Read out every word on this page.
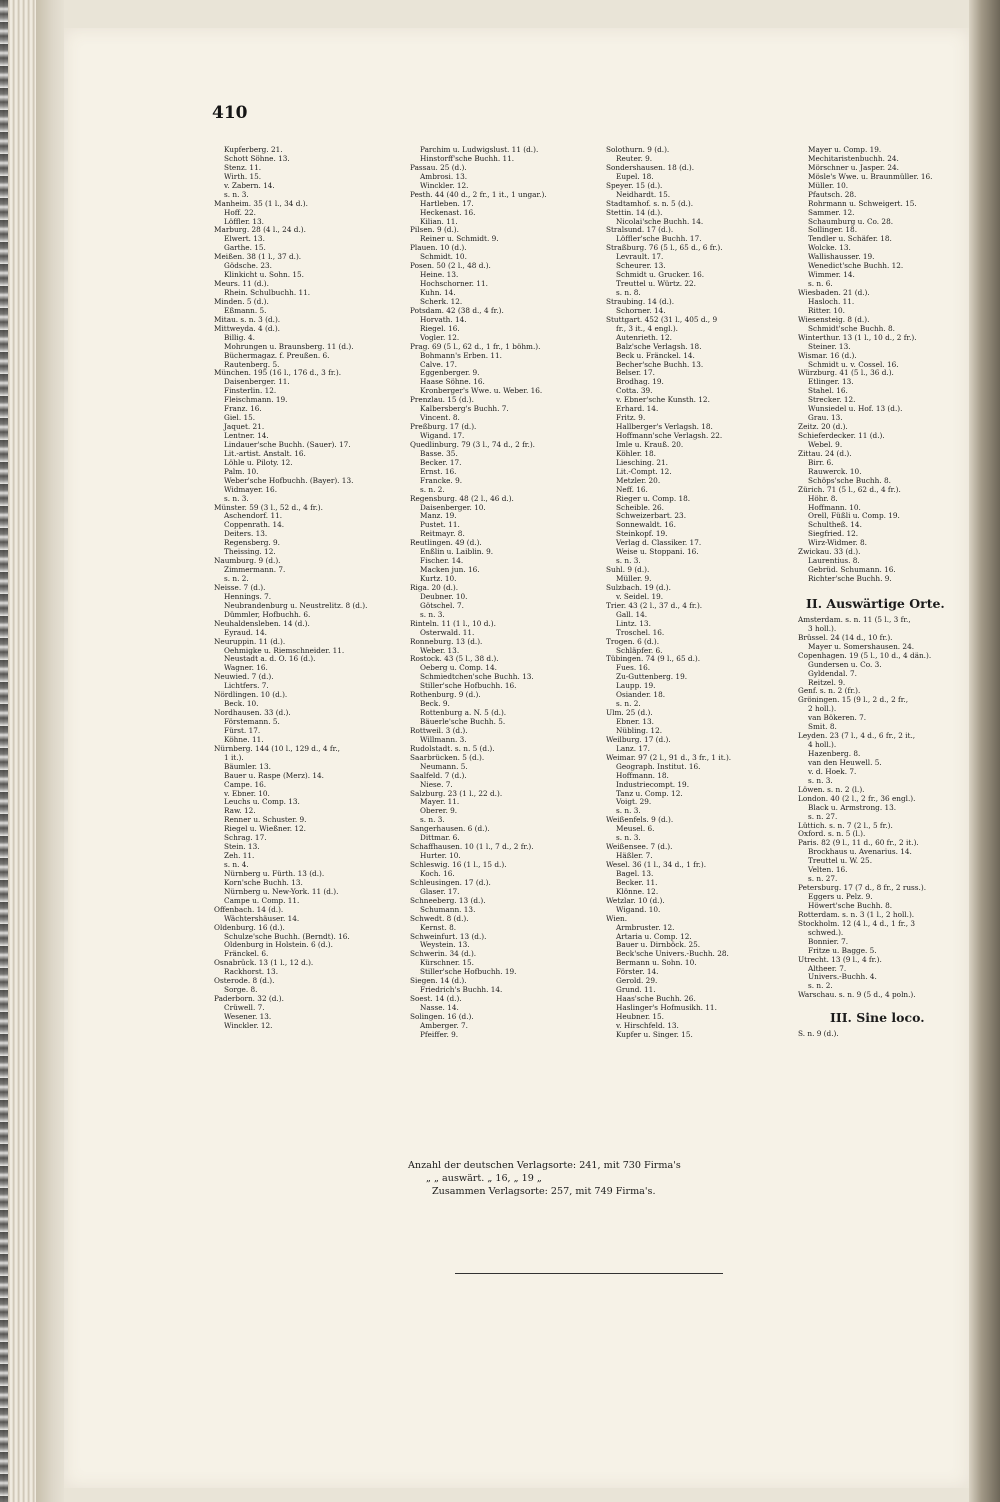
410
Kupferberg. 21.
Schott Söhne. 13.
Stenz. 11.
Wirth. 15.
v. Zabern. 14.
s. n. 3.
Manheim. 35 (1 l., 34 d.).
Hoff. 22.
Löffler. 13.
Marburg. 28 (4 l., 24 d.).
Elwert. 13.
Garthe. 15.
Meißen. 38 (1 l., 37 d.).
Gödsche. 23.
Klinkicht u. Sohn. 15.
Meurs. 11 (d.).
Rhein. Schulbuchh. 11.
Minden. 5 (d.).
Eßmann. 5.
Mitau. s. n. 3 (d.).
Mittweyda. 4 (d.).
Billig. 4.
Mohrungen u. Braunsberg. 11 (d.).
Büchermagaz. f. Preußen. 6.
Rautenberg. 5.
München. 195 (16 l., 176 d., 3 fr.).
Daisenberger. 11.
Finsterlin. 12.
Fleischmann. 19.
Franz. 16.
Giel. 15.
Jaquet. 21.
Lentner. 14.
Lindauer'sche Buchh. (Sauer). 17.
Lit.-artist. Anstalt. 16.
Löhle u. Piloty. 12.
Palm. 10.
Weber'sche Hofbuchh. (Bayer). 13.
Widmayer. 16.
s. n. 3.
Münster. 59 (3 l., 52 d., 4 fr.).
Aschendorf. 11.
Coppenrath. 14.
Deiters. 13.
Regensberg. 9.
Theissing. 12.
Naumburg. 9 (d.).
Zimmermann. 7.
s. n. 2.
Neisse. 7 (d.).
Hennings. 7.
Neubrandenburg u. Neustrelitz. 8 (d.).
Dümmler, Hofbuchh. 6.
Neuhaldensleben. 14 (d.).
Eyraud. 14.
Neuruppin. 11 (d.).
Oehmigke u. Riemschneider. 11.
Neustadt a. d. O. 16 (d.).
Wagner. 16.
Neuwied. 7 (d.).
Lichtfers. 7.
Nördlingen. 10 (d.).
Beck. 10.
Nordhausen. 33 (d.).
Förstemann. 5.
Fürst. 17.
Köhne. 11.
Nürnberg. 144 (10 l., 129 d., 4 fr.,
1 it.).
Bäumler. 13.
Bauer u. Raspe (Merz). 14.
Campe. 16.
v. Ebner. 10.
Leuchs u. Comp. 13.
Raw. 12.
Renner u. Schuster. 9.
Riegel u. Wießner. 12.
Schrag. 17.
Stein. 13.
Zeh. 11.
s. n. 4.
Nürnberg u. Fürth. 13 (d.).
Korn'sche Buchh. 13.
Nürnberg u. New-York. 11 (d.).
Campe u. Comp. 11.
Offenbach. 14 (d.).
Wächtershäuser. 14.
Oldenburg. 16 (d.).
Schulze'sche Buchh. (Berndt). 16.
Oldenburg in Holstein. 6 (d.).
Fränckel. 6.
Osnabrück. 13 (1 l., 12 d.).
Rackhorst. 13.
Osterode. 8 (d.).
Sorge. 8.
Paderborn. 32 (d.).
Crüwell. 7.
Wesener. 13.
Winckler. 12.
Parchim u. Ludwigslust. 11 (d.).
Hinstorff'sche Buchh. 11.
Passau. 25 (d.).
Ambrosi. 13.
Winckler. 12.
Pesth. 44 (40 d., 2 fr., 1 it., 1 ungar.).
Hartleben. 17.
Heckenast. 16.
Kilian. 11.
Pilsen. 9 (d.).
Reiner u. Schmidt. 9.
Plauen. 10 (d.).
Schmidt. 10.
Posen. 50 (2 l., 48 d.).
Heine. 13.
Hochschorner. 11.
Kuhn. 14.
Scherk. 12.
Potsdam. 42 (38 d., 4 fr.).
Horvath. 14.
Riegel. 16.
Vogler. 12.
Prag. 69 (5 l., 62 d., 1 fr., 1 böhm.).
Bohmann's Erben. 11.
Calve. 17.
Eggenberger. 9.
Haase Söhne. 16.
Kronberger's Wwe. u. Weber. 16.
Prenzlau. 15 (d.).
Kalbersberg's Buchh. 7.
Vincent. 8.
Preßburg. 17 (d.).
Wigand. 17.
Quedlinburg. 79 (3 l., 74 d., 2 fr.).
Basse. 35.
Becker. 17.
Ernst. 16.
Francke. 9.
s. n. 2.
Regensburg. 48 (2 l., 46 d.).
Daisenberger. 10.
Manz. 19.
Pustet. 11.
Reitmayr. 8.
Reutlingen. 49 (d.).
Enßlin u. Laiblin. 9.
Fischer. 14.
Macken jun. 16.
Kurtz. 10.
Riga. 20 (d.).
Deubner. 10.
Götschel. 7.
s. n. 3.
Rinteln. 11 (1 l., 10 d.).
Osterwald. 11.
Ronneburg. 13 (d.).
Weber. 13.
Rostock. 43 (5 l., 38 d.).
Oeberg u. Comp. 14.
Schmiedtchen'sche Buchh. 13.
Stiller'sche Hofbuchh. 16.
Rothenburg. 9 (d.).
Beck. 9.
Rottenburg a. N. 5 (d.).
Bäuerle'sche Buchh. 5.
Rottweil. 3 (d.).
Willmann. 3.
Rudolstadt. s. n. 5 (d.).
Saarbrücken. 5 (d.).
Neumann. 5.
Saalfeld. 7 (d.).
Niese. 7.
Salzburg. 23 (1 l., 22 d.).
Mayer. 11.
Oberer. 9.
s. n. 3.
Sangerhausen. 6 (d.).
Dittmar. 6.
Schaffhausen. 10 (1 l., 7 d., 2 fr.).
Hurter. 10.
Schleswig. 16 (1 l., 15 d.).
Koch. 16.
Schleusingen. 17 (d.).
Glaser. 17.
Schneeberg. 13 (d.).
Schumann. 13.
Schwedt. 8 (d.).
Kernst. 8.
Schweinfurt. 13 (d.).
Weystein. 13.
Schwerin. 34 (d.).
Kürschner. 15.
Stiller'sche Hofbuchh. 19.
Siegen. 14 (d.).
Friedrich's Buchh. 14.
Soest. 14 (d.).
Nasse. 14.
Solingen. 16 (d.).
Amberger. 7.
Pfeiffer. 9.
Solothurn. 9 (d.).
Reuter. 9.
Sondershausen. 18 (d.).
Eupel. 18.
Speyer. 15 (d.).
Neidhardt. 15.
Stadtamhof. s. n. 5 (d.).
Stettin. 14 (d.).
Nicolai'sche Buchh. 14.
Stralsund. 17 (d.).
Löffler'sche Buchh. 17.
Straßburg. 76 (5 l., 65 d., 6 fr.).
Levrault. 17.
Scheurer. 13.
Schmidt u. Grucker. 16.
Treuttel u. Würtz. 22.
s. n. 8.
Straubing. 14 (d.).
Schorner. 14.
Stuttgart. 452 (31 l., 405 d., 9
fr., 3 it., 4 engl.).
Autenrieth. 12.
Balz'sche Verlagsh. 18.
Beck u. Fränckel. 14.
Becher'sche Buchh. 13.
Belser. 17.
Brodhag. 19.
Cotta. 39.
v. Ebner'sche Kunsth. 12.
Erhard. 14.
Fritz. 9.
Hallberger's Verlagsh. 18.
Hoffmann'sche Verlagsh. 22.
Imle u. Krauß. 20.
Köhler. 18.
Liesching. 21.
Lit.-Compt. 12.
Metzler. 20.
Neff. 16.
Rieger u. Comp. 18.
Scheible. 26.
Schweizerbart. 23.
Sonnewaldt. 16.
Steinkopf. 19.
Verlag d. Classiker. 17.
Weise u. Stoppani. 16.
s. n. 3.
Suhl. 9 (d.).
Müller. 9.
Sulzbach. 19 (d.).
v. Seidel. 19.
Trier. 43 (2 l., 37 d., 4 fr.).
Gall. 14.
Lintz. 13.
Troschel. 16.
Trogen. 6 (d.).
Schläpfer. 6.
Tübingen. 74 (9 l., 65 d.).
Fues. 16.
Zu-Guttenberg. 19.
Laupp. 19.
Osiander. 18.
s. n. 2.
Ulm. 25 (d.).
Ebner. 13.
Nübling. 12.
Weilburg. 17 (d.).
Lanz. 17.
Weimar. 97 (2 l., 91 d., 3 fr., 1 it.).
Geograph. Institut. 16.
Hoffmann. 18.
Industriecompt. 19.
Tanz u. Comp. 12.
Voigt. 29.
s. n. 3.
Weißenfels. 9 (d.).
Meusel. 6.
s. n. 3.
Weißensee. 7 (d.).
Häßler. 7.
Wesel. 36 (1 l., 34 d., 1 fr.).
Bagel. 13.
Becker. 11.
Klönne. 12.
Wetzlar. 10 (d.).
Wigand. 10.
Wien.
Armbruster. 12.
Artaria u. Comp. 12.
Bauer u. Dirnböck. 25.
Beck'sche Univers.-Buchh. 28.
Bermann u. Sohn. 10.
Förster. 14.
Gerold. 29.
Grund. 11.
Haas'sche Buchh. 26.
Haslinger's Hofmusikh. 11.
Heubner. 15.
v. Hirschfeld. 13.
Kupfer u. Singer. 15.
Mayer u. Comp. 19.
Mechitaristenbuchh. 24.
Mörschner u. Jasper. 24.
Mösle's Wwe. u. Braunmüller. 16.
Müller. 10.
Pfautsch. 28.
Rohrmann u. Schweigert. 15.
Sammer. 12.
Schaumburg u. Co. 28.
Sollinger. 18.
Tendler u. Schäfer. 18.
Wolcke. 13.
Wallishausser. 19.
Wenedict'sche Buchh. 12.
Wimmer. 14.
s. n. 6.
Wiesbaden. 21 (d.).
Hasloch. 11.
Ritter. 10.
Wiesensteig. 8 (d.).
Schmidt'sche Buchh. 8.
Winterthur. 13 (1 l., 10 d., 2 fr.).
Steiner. 13.
Wismar. 16 (d.).
Schmidt u. v. Cossel. 16.
Würzburg. 41 (5 l., 36 d.).
Etlinger. 13.
Stahel. 16.
Strecker. 12.
Wunsiedel u. Hof. 13 (d.).
Grau. 13.
Zeitz. 20 (d.).
Schieferdecker. 11 (d.).
Webel. 9.
Zittau. 24 (d.).
Birr. 6.
Rauwerck. 10.
Schöps'sche Buchh. 8.
Zürich. 71 (5 l., 62 d., 4 fr.).
Höhr. 8.
Hoffmann. 10.
Orell, Füßli u. Comp. 19.
Schultheß. 14.
Siegfried. 12.
Wirz-Widmer. 8.
Zwickau. 33 (d.).
Laurentius. 8.
Gebrüd. Schumann. 16.
Richter'sche Buchh. 9.
II. Auswärtige Orte.
Amsterdam. s. n. 11 (5 l., 3 fr.,
3 holl.).
Brüssel. 24 (14 d., 10 fr.).
Mayer u. Somershausen. 24.
Copenhagen. 19 (5 l., 10 d., 4 dän.).
Gundersen u. Co. 3.
Gyldendal. 7.
Reitzel. 9.
Genf. s. n. 2 (fr.).
Gröningen. 15 (9 l., 2 d., 2 fr.,
2 holl.).
van Bökeren. 7.
Smit. 8.
Leyden. 23 (7 l., 4 d., 6 fr., 2 it.,
4 holl.).
Hazenberg. 8.
van den Heuwell. 5.
v. d. Hoek. 7.
s. n. 3.
Löwen. s. n. 2 (l.).
London. 40 (2 l., 2 fr., 36 engl.).
Black u. Armstrong. 13.
s. n. 27.
Lüttich. s. n. 7 (2 l., 5 fr.).
Oxford. s. n. 5 (l.).
Paris. 82 (9 l., 11 d., 60 fr., 2 it.).
Brockhaus u. Avenarius. 14.
Treuttel u. W. 25.
Velten. 16.
s. n. 27.
Petersburg. 17 (7 d., 8 fr., 2 russ.).
Eggers u. Pelz. 9.
Höwert'sche Buchh. 8.
Rotterdam. s. n. 3 (1 l., 2 holl.).
Stockholm. 12 (4 l., 4 d., 1 fr., 3
schwed.).
Bonnier. 7.
Fritze u. Bagge. 5.
Utrecht. 13 (9 l., 4 fr.).
Altheer. 7.
Univers.-Buchh. 4.
s. n. 2.
Warschau. s. n. 9 (5 d., 4 poln.).
III. Sine loco.
S. n. 9 (d.).
Anzahl der deutschen Verlagsorte: 241, mit 730 Firma's
„ „ auswärt. „ 16, „ 19 „
Zusammen Verlagsorte: 257, mit 749 Firma's.
